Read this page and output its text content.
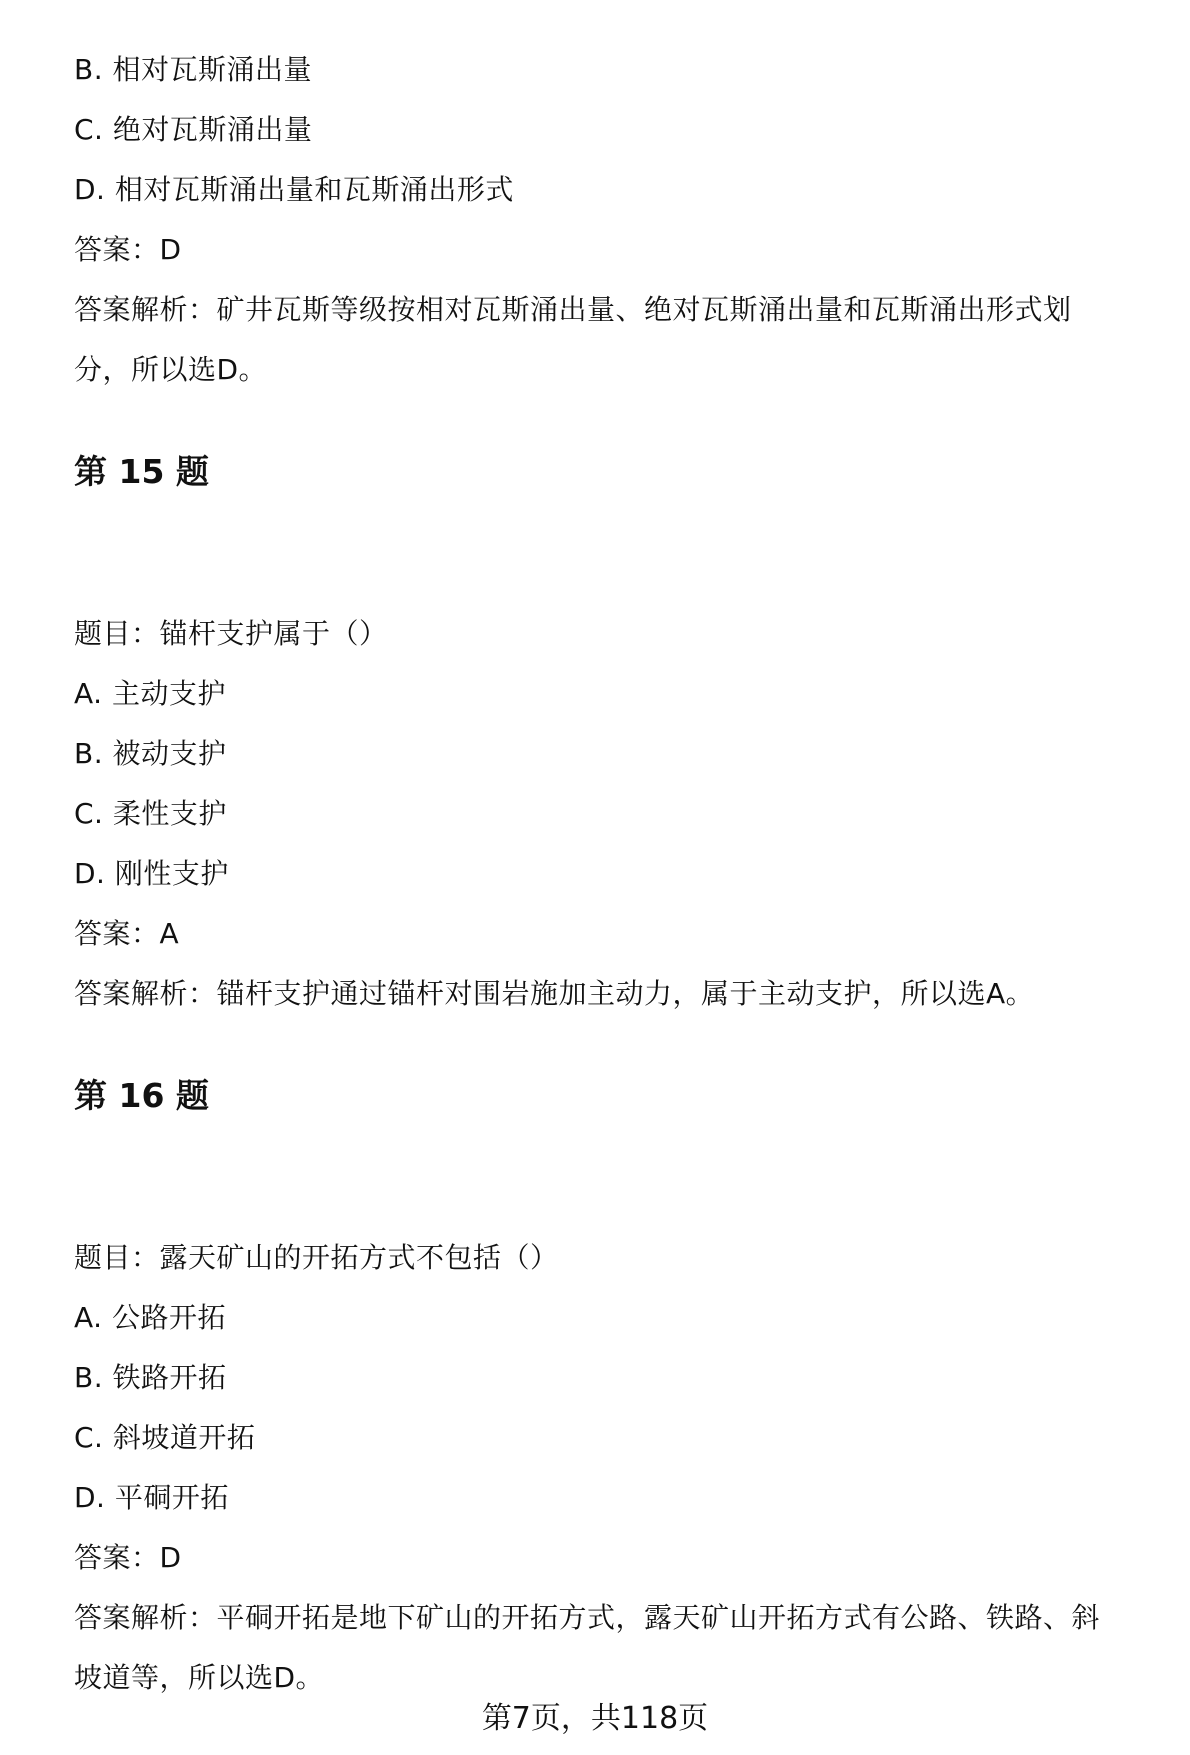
B. 相对瓦斯涌出量
C. 绝对瓦斯涌出量
D. 相对瓦斯涌出量和瓦斯涌出形式
答案：D
答案解析：矿井瓦斯等级按相对瓦斯涌出量、绝对瓦斯涌出量和瓦斯涌出形式划
分，所以选D。
第 15 题
题目：锚杆支护属于（）
A. 主动支护
B. 被动支护
C. 柔性支护
D. 刚性支护
答案：A
答案解析：锚杆支护通过锚杆对围岩施加主动力，属于主动支护，所以选A。
第 16 题
题目：露天矿山的开拓方式不包括（）
A. 公路开拓
B. 铁路开拓
C. 斜坡道开拓
D. 平硐开拓
答案：D
答案解析：平硐开拓是地下矿山的开拓方式，露天矿山开拓方式有公路、铁路、斜
坡道等，所以选D。
第7页，共118页
